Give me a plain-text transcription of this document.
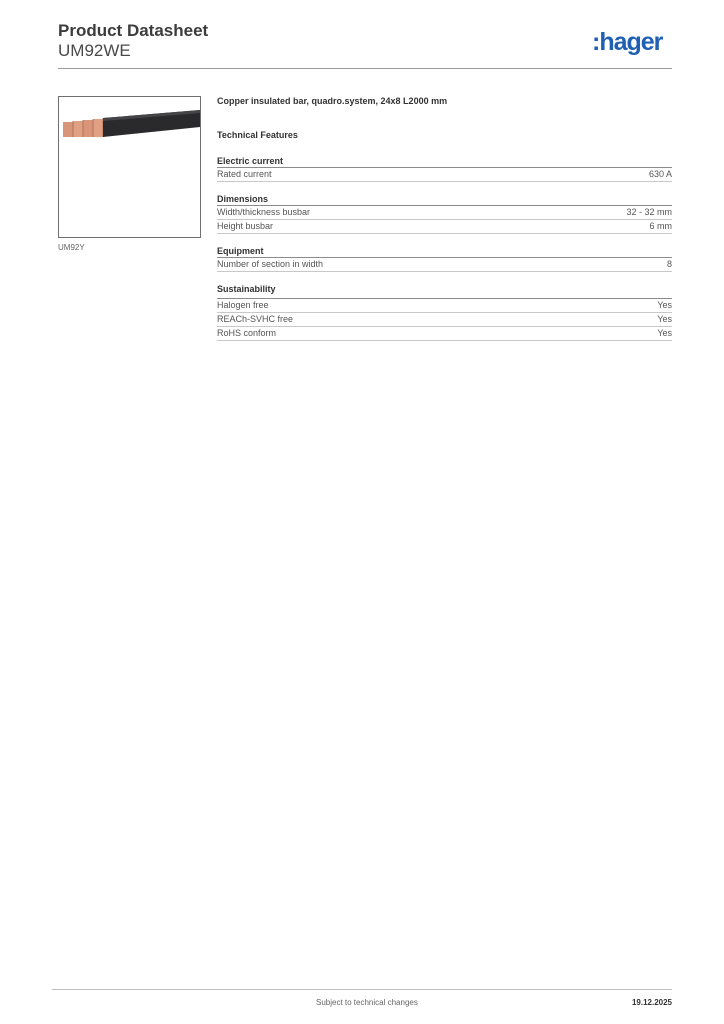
Product Datasheet
UM92WE	:hager
UM92Y
Copper insulated bar, quadro.system, 24x8 L2000 mm
Technical Features
Electric current
Rated current	630 A
Dimensions
Width/thickness busbar	32 - 32 mm
Height busbar	6 mm
Equipment
Number of section in width	8
Sustainability
Halogen free	Yes
REACh-SVHC free	Yes
RoHS conform	Yes
Subject to technical changes	19.12.2025
